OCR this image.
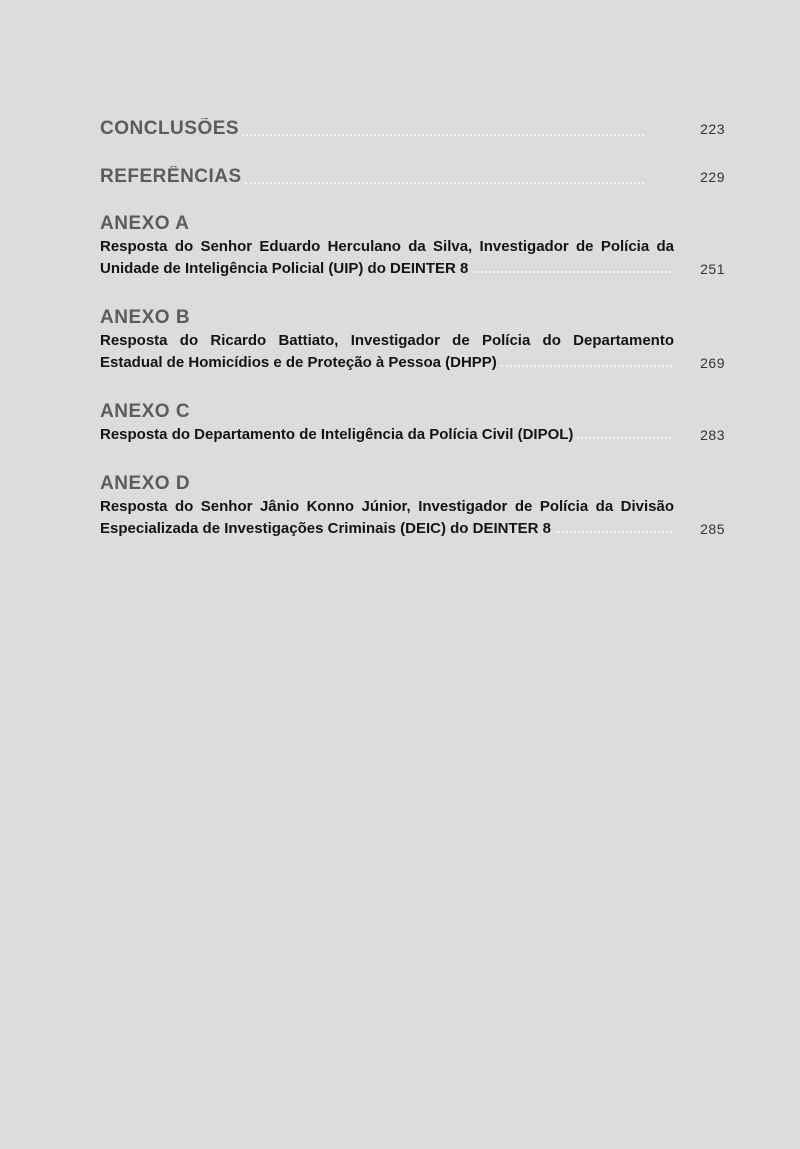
CONCLUSÕES	223
REFERÊNCIAS	229
ANEXO A
Resposta do Senhor Eduardo Herculano da Silva, Investigador de Polícia da Unidade de Inteligência Policial (UIP) do DEINTER 8	251
ANEXO B
Resposta do Ricardo Battiato, Investigador de Polícia do Departamento Estadual de Homicídios e de Proteção à Pessoa (DHPP)	269
ANEXO C
Resposta do Departamento de Inteligência da Polícia Civil (DIPOL)	283
ANEXO D
Resposta do Senhor Jânio Konno Júnior, Investigador de Polícia da Divisão Especializada de Investigações Criminais (DEIC) do DEINTER 8	285
